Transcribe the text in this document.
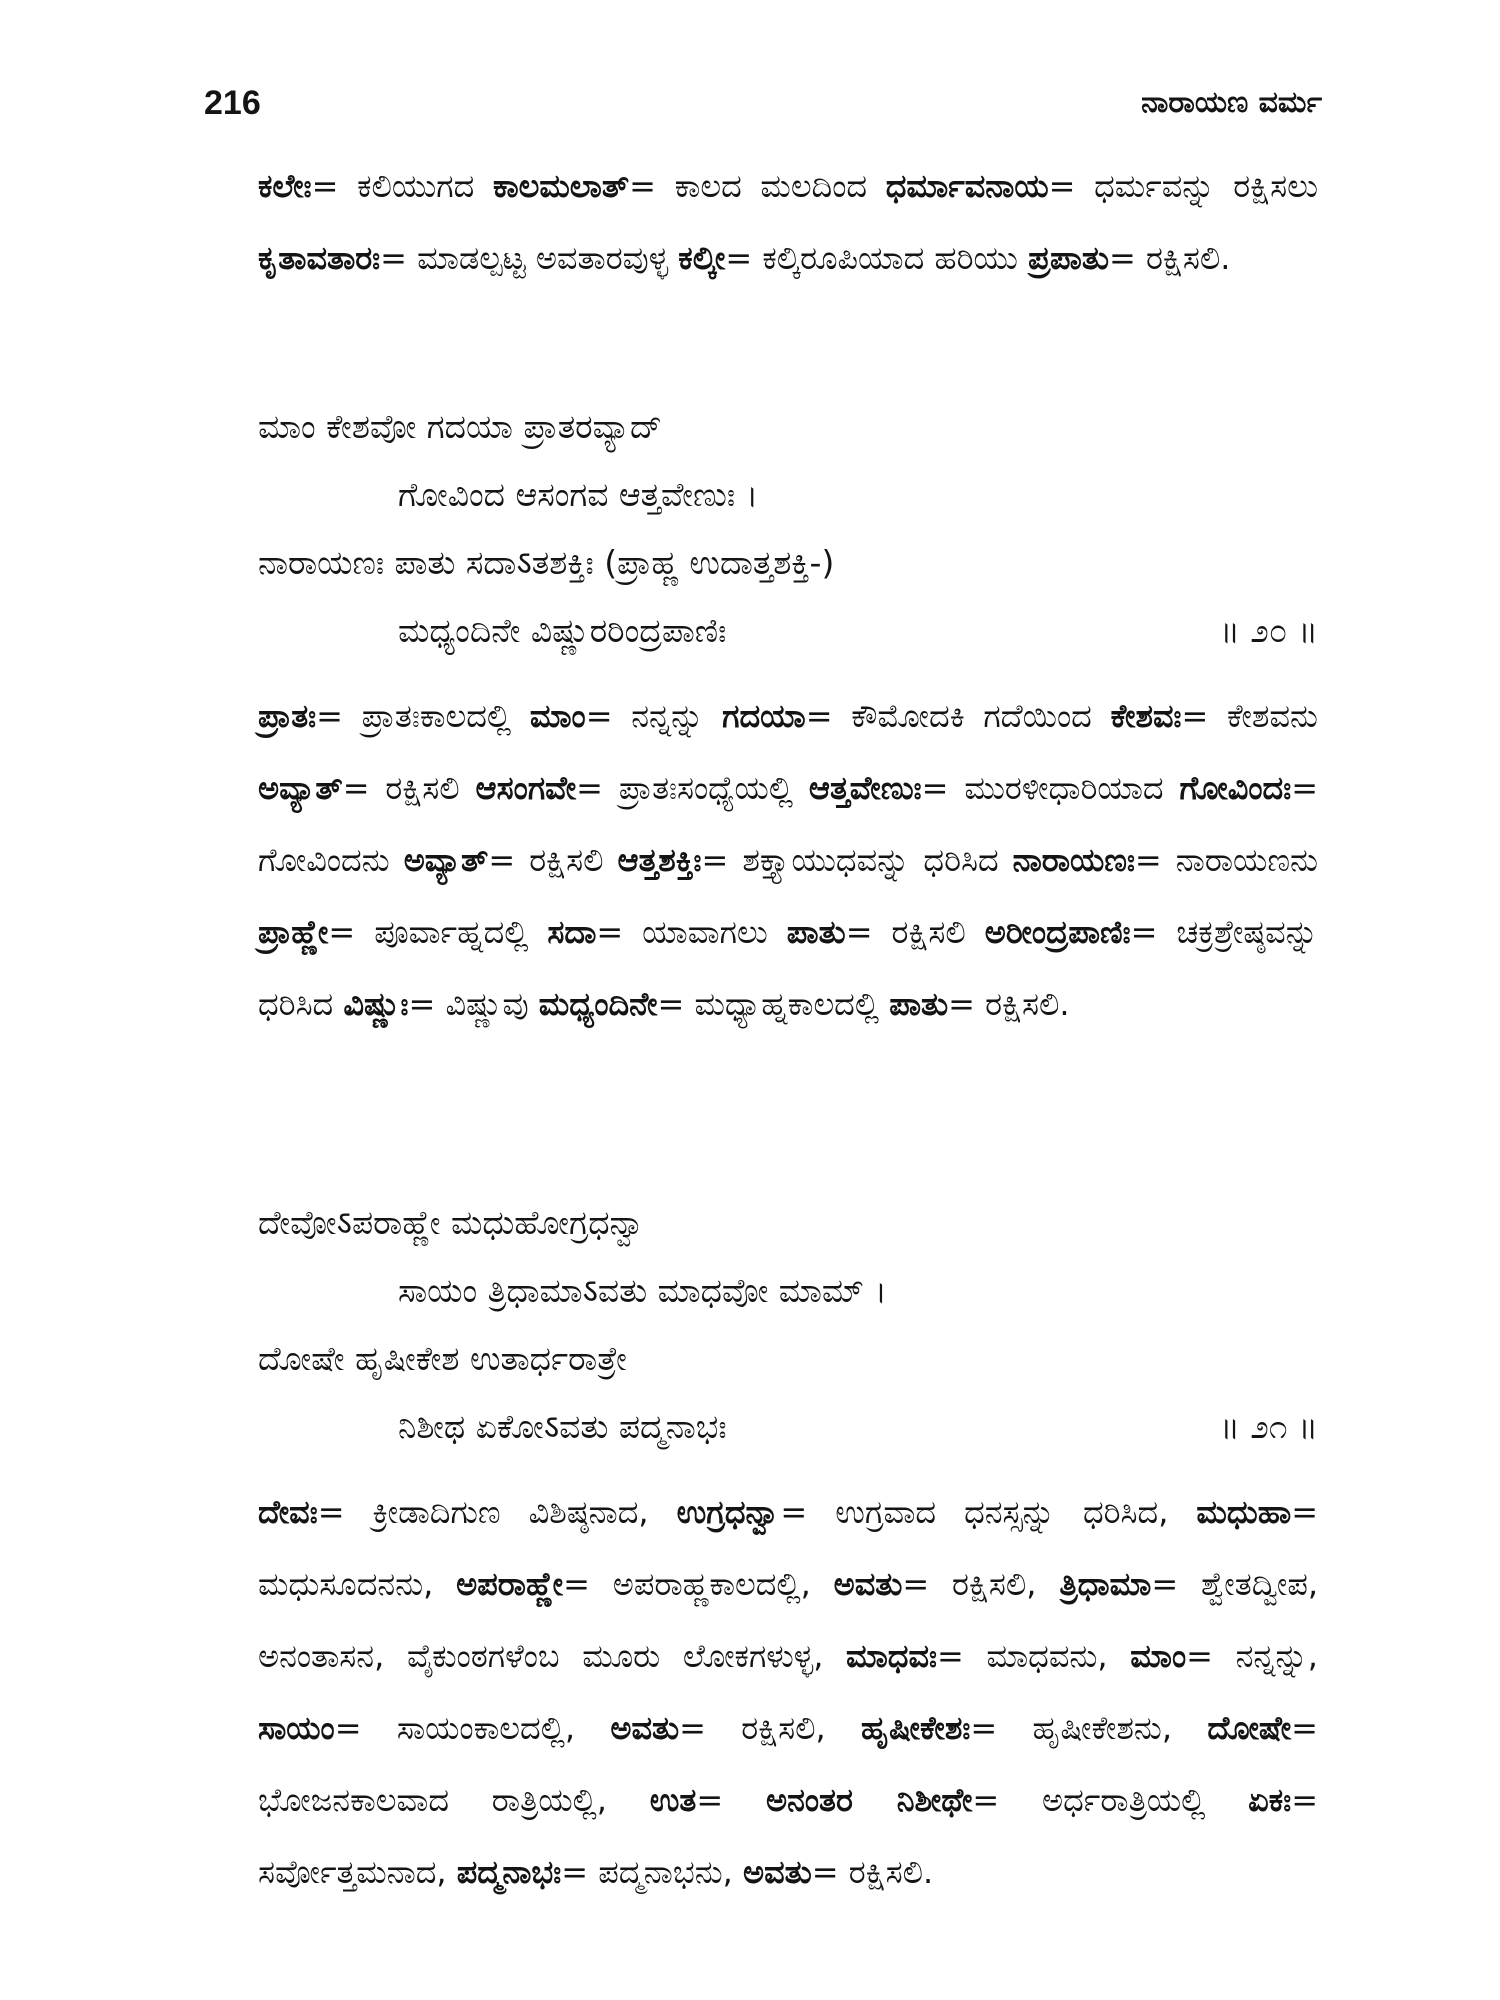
216	ನಾರಾಯಣ ವರ್ಮ

ಕಲೇಃ= ಕಲಿಯುಗದ ಕಾಲಮಲಾತ್= ಕಾಲದ ಮಲದಿಂದ ಧರ್ಮಾವನಾಯ= ಧರ್ಮವನ್ನು ರಕ್ಷಿಸಲು ಕೃತಾವತಾರಃ= ಮಾಡಲ್ಪಟ್ಟ ಅವತಾರವುಳ್ಳ ಕಲ್ಕೀ= ಕಲ್ಕಿರೂಪಿಯಾದ ಹರಿಯು ಪ್ರಪಾತು= ರಕ್ಷಿಸಲಿ.

ಮಾಂ ಕೇಶವೋ ಗದಯಾ ಪ್ರಾತರವ್ಯಾದ್
ಗೋವಿಂದ ಆಸಂಗವ ಆತ್ತವೇಣುಃ ।
ನಾರಾಯಣಃ ಪಾತು ಸದಾऽತಶಕ್ತಿಃ (ಪ್ರಾಹ್ಣ ಉದಾತ್ತಶಕ್ತಿ-)
ಮಧ್ಯಂದಿನೇ ವಿಷ್ಣುರರಿಂದ್ರಪಾಣಿಃ	॥ ೨೦ ॥

ಪ್ರಾತಃ= ಪ್ರಾತಃಕಾಲದಲ್ಲಿ ಮಾಂ= ನನ್ನನ್ನು ಗದಯಾ= ಕೌಮೋದಕಿ ಗದೆಯಿಂದ ಕೇಶವಃ= ಕೇಶವನು ಅವ್ಯಾತ್= ರಕ್ಷಿಸಲಿ ಆಸಂಗವೇ= ಪ್ರಾತಃಸಂಧ್ಯೆಯಲ್ಲಿ ಆತ್ತವೇಣುಃ= ಮುರಳೀಧಾರಿಯಾದ ಗೋವಿಂದಃ= ಗೋವಿಂದನು ಅವ್ಯಾತ್= ರಕ್ಷಿಸಲಿ ಆತ್ತಶಕ್ತಿಃ= ಶಕ್ತ್ಯಾಯುಧವನ್ನು ಧರಿಸಿದ ನಾರಾಯಣಃ= ನಾರಾಯಣನು ಪ್ರಾಹ್ಣೇ= ಪೂರ್ವಾಹ್ನದಲ್ಲಿ ಸದಾ= ಯಾವಾಗಲು ಪಾತು= ರಕ್ಷಿಸಲಿ ಅರೀಂದ್ರಪಾಣಿಃ= ಚಕ್ರಶ್ರೇಷ್ಠವನ್ನು ಧರಿಸಿದ ವಿಷ್ಣುಃ= ವಿಷ್ಣುವು ಮಧ್ಯಂದಿನೇ= ಮಧ್ಯಾಹ್ನಕಾಲದಲ್ಲಿ ಪಾತು= ರಕ್ಷಿಸಲಿ.

ದೇವೋऽಪರಾಹ್ಣೇ ಮಧುಹೋಗ್ರಧನ್ವಾ
ಸಾಯಂ ತ್ರಿಧಾಮಾऽವತು ಮಾಧವೋ ಮಾಮ್ ।
ದೋಷೇ ಹೃಷೀಕೇಶ ಉತಾರ್ಧರಾತ್ರೇ
ನಿಶೀಥ ಏಕೋऽವತು ಪದ್ಮನಾಭಃ	॥ ೨೧ ॥

ದೇವಃ= ಕ್ರೀಡಾದಿಗುಣ ವಿಶಿಷ್ಠನಾದ, ಉಗ್ರಧನ್ವಾ= ಉಗ್ರವಾದ ಧನಸ್ಸನ್ನು ಧರಿಸಿದ, ಮಧುಹಾ= ಮಧುಸೂದನನು, ಅಪರಾಹ್ಣೇ= ಅಪರಾಹ್ಣಕಾಲದಲ್ಲಿ, ಅವತು= ರಕ್ಷಿಸಲಿ, ತ್ರಿಧಾಮಾ= ಶ್ವೇತದ್ವೀಪ, ಅನಂತಾಸನ, ವೈಕುಂಠಗಳೆಂಬ ಮೂರು ಲೋಕಗಳುಳ್ಳ, ಮಾಧವಃ= ಮಾಧವನು, ಮಾಂ= ನನ್ನನ್ನು, ಸಾಯಂ= ಸಾಯಂಕಾಲದಲ್ಲಿ, ಅವತು= ರಕ್ಷಿಸಲಿ, ಹೃಷೀಕೇಶಃ= ಹೃಷೀಕೇಶನು, ದೋಷೇ= ಭೋಜನಕಾಲವಾದ ರಾತ್ರಿಯಲ್ಲಿ, ಉತ= ಅನಂತರ ನಿಶೀಥೇ= ಅರ್ಧರಾತ್ರಿಯಲ್ಲಿ ಏಕಃ= ಸರ್ವೋತ್ತಮನಾದ, ಪದ್ಮನಾಭಃ= ಪದ್ಮನಾಭನು, ಅವತು= ರಕ್ಷಿಸಲಿ.
